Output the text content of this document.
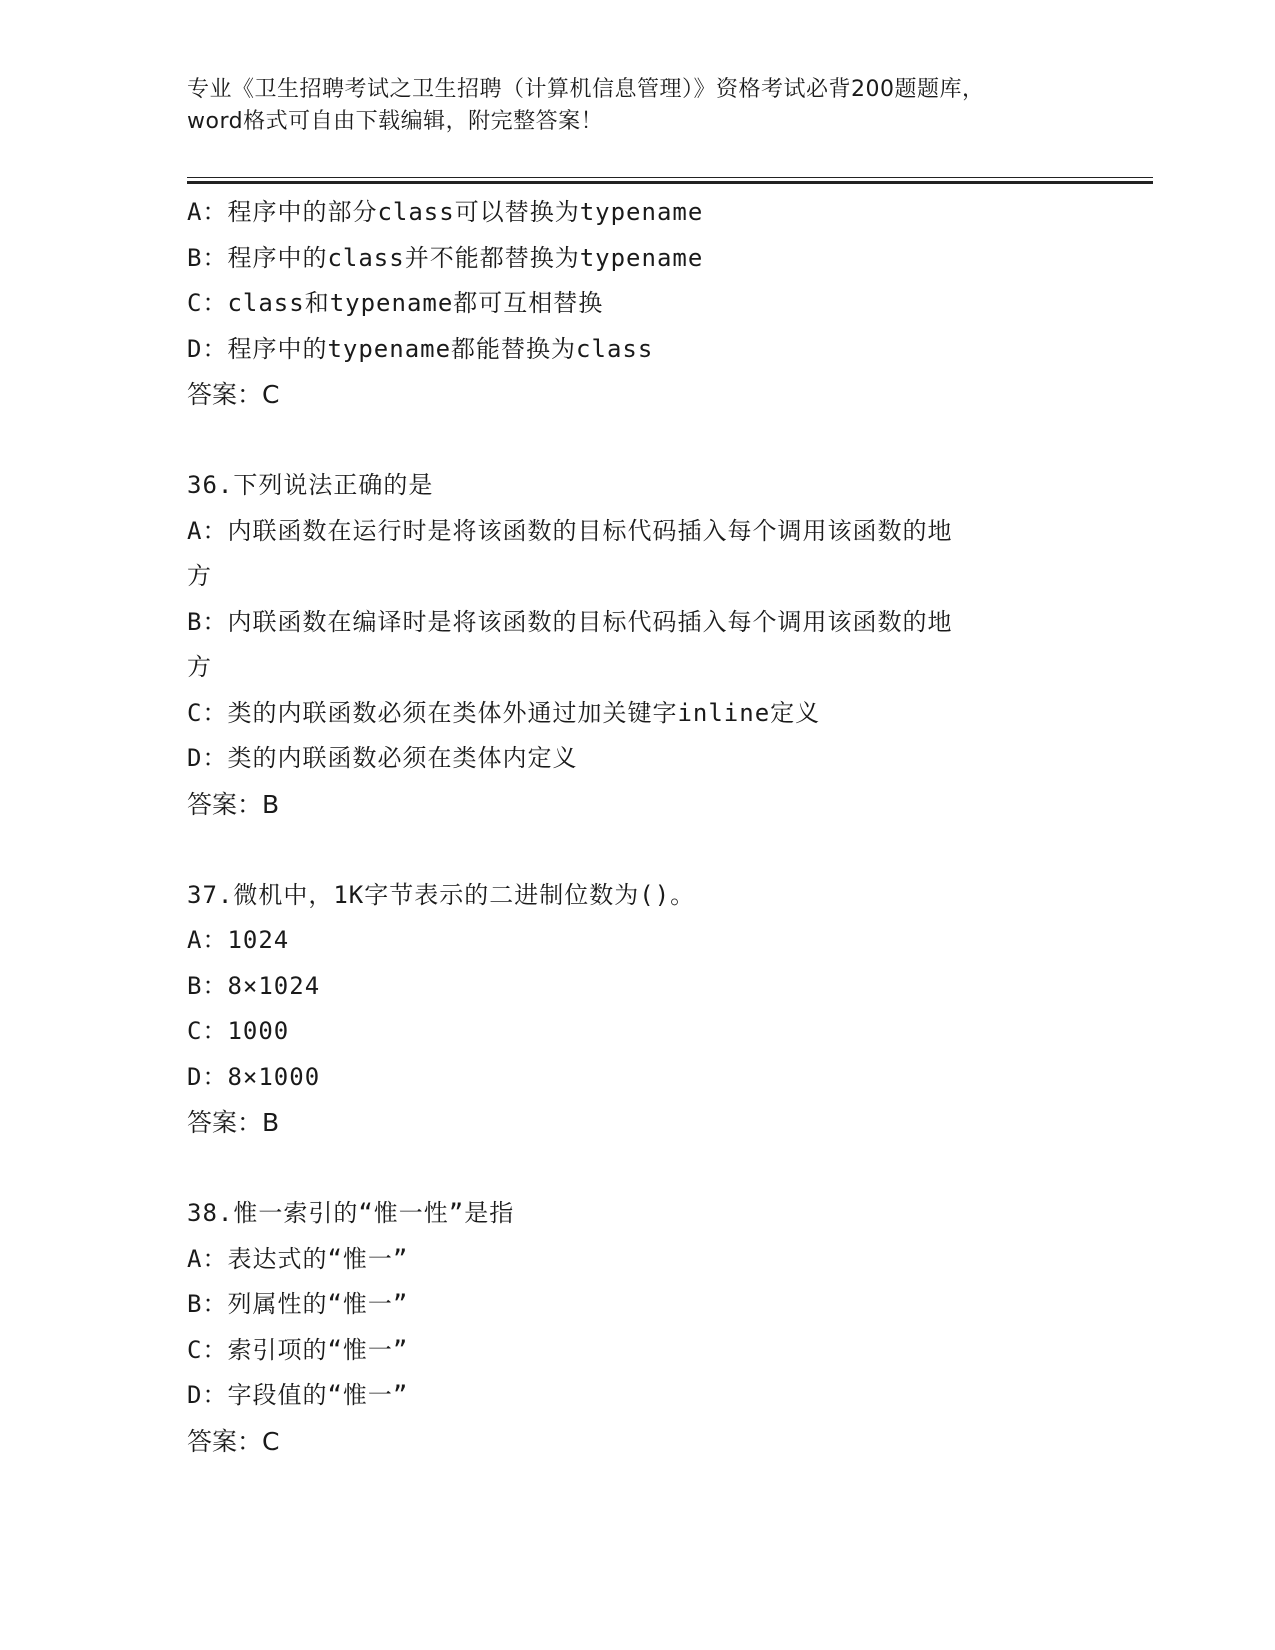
专业《卫生招聘考试之卫生招聘（计算机信息管理）》资格考试必背200题题库，

word格式可自由下载编辑，附完整答案！

A：程序中的部分class可以替换为typename
B：程序中的class并不能都替换为typename
C：class和typename都可互相替换
D：程序中的typename都能替换为class
答案：C
36.下列说法正确的是
A：内联函数在运行时是将该函数的目标代码插入每个调用该函数的地
方
B：内联函数在编译时是将该函数的目标代码插入每个调用该函数的地
方
C：类的内联函数必须在类体外通过加关键字inline定义
D：类的内联函数必须在类体内定义
答案：B
37.微机中，1K字节表示的二进制位数为()。
A：1024
B：8×1024
C：1000
D：8×1000
答案：B
38.惟一索引的“惟一性”是指
A：表达式的“惟一”
B：列属性的“惟一”
C：索引项的“惟一”
D：字段值的“惟一”
答案：C
